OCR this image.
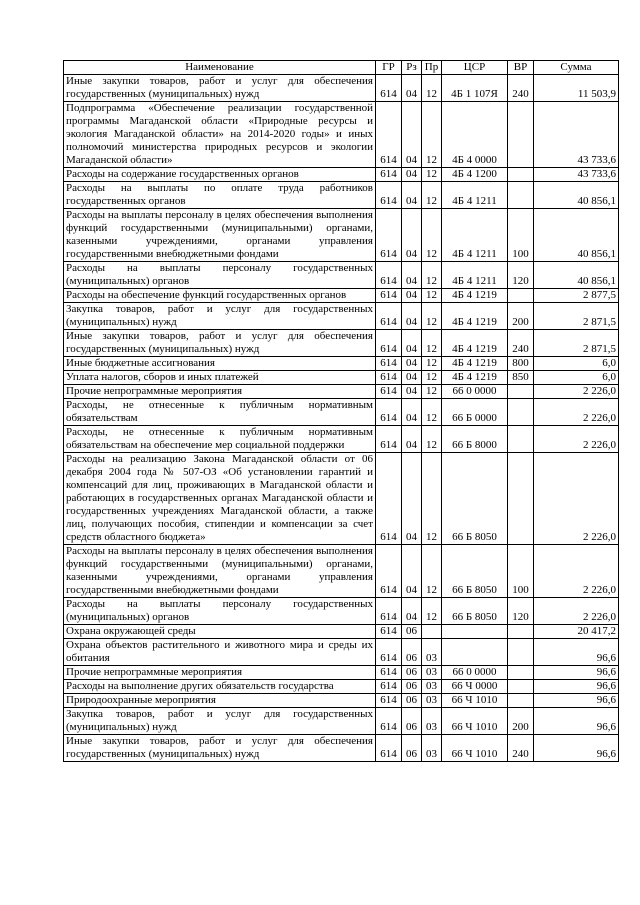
Наименование	ГР	Рз	Пр	ЦСР	ВР	Сумма
Иные закупки товаров, работ и услуг для обеспечения государственных (муниципальных) нужд	614	04	12	4Б 1 107Я	240	11 503,9
Подпрограмма «Обеспечение реализации государственной программы Магаданской области «Природные ресурсы и экология Магаданской области» на 2014-2020 годы» и иных полномочий министерства природных ресурсов и экологии Магаданской области»	614	04	12	4Б 4 0000		43 733,6
Расходы на содержание государственных органов	614	04	12	4Б 4 1200		43 733,6
Расходы на выплаты по оплате труда работников государственных органов	614	04	12	4Б 4 1211		40 856,1
Расходы на выплаты персоналу в целях обеспечения выполнения функций государственными (муниципальными) органами, казенными учреждениями, органами управления государственными внебюджетными фондами	614	04	12	4Б 4 1211	100	40 856,1
Расходы на выплаты персоналу государственных (муниципальных) органов	614	04	12	4Б 4 1211	120	40 856,1
Расходы на обеспечение функций государственных органов	614	04	12	4Б 4 1219		2 877,5
Закупка товаров, работ и услуг для государственных (муниципальных) нужд	614	04	12	4Б 4 1219	200	2 871,5
Иные закупки товаров, работ и услуг для обеспечения государственных (муниципальных) нужд	614	04	12	4Б 4 1219	240	2 871,5
Иные бюджетные ассигнования	614	04	12	4Б 4 1219	800	6,0
Уплата налогов, сборов и иных платежей	614	04	12	4Б 4 1219	850	6,0
Прочие непрограммные мероприятия	614	04	12	66 0 0000		2 226,0
Расходы, не отнесенные к публичным нормативным обязательствам	614	04	12	66 Б 0000		2 226,0
Расходы, не отнесенные к публичным нормативным обязательствам на обеспечение мер социальной поддержки	614	04	12	66 Б 8000		2 226,0
Расходы на реализацию Закона Магаданской области от 06 декабря 2004 года № 507-ОЗ «Об установлении гарантий и компенсаций для лиц, проживающих в Магаданской области и работающих в государственных органах Магаданской области и государственных учреждениях Магаданской области, а также лиц, получающих пособия, стипендии и компенсации за счет средств областного бюджета»	614	04	12	66 Б 8050		2 226,0
Расходы на выплаты персоналу в целях обеспечения выполнения функций государственными (муниципальными) органами, казенными учреждениями, органами управления государственными внебюджетными фондами	614	04	12	66 Б 8050	100	2 226,0
Расходы на выплаты персоналу государственных (муниципальных) органов	614	04	12	66 Б 8050	120	2 226,0
Охрана окружающей среды	614	06				20 417,2
Охрана объектов растительного и животного мира и среды их обитания	614	06	03			96,6
Прочие непрограммные мероприятия	614	06	03	66 0 0000		96,6
Расходы на выполнение других обязательств государства	614	06	03	66 Ч 0000		96,6
Природоохранные мероприятия	614	06	03	66 Ч 1010		96,6
Закупка товаров, работ и услуг для государственных (муниципальных) нужд	614	06	03	66 Ч 1010	200	96,6
Иные закупки товаров, работ и услуг для обеспечения государственных (муниципальных) нужд	614	06	03	66 Ч 1010	240	96,6
